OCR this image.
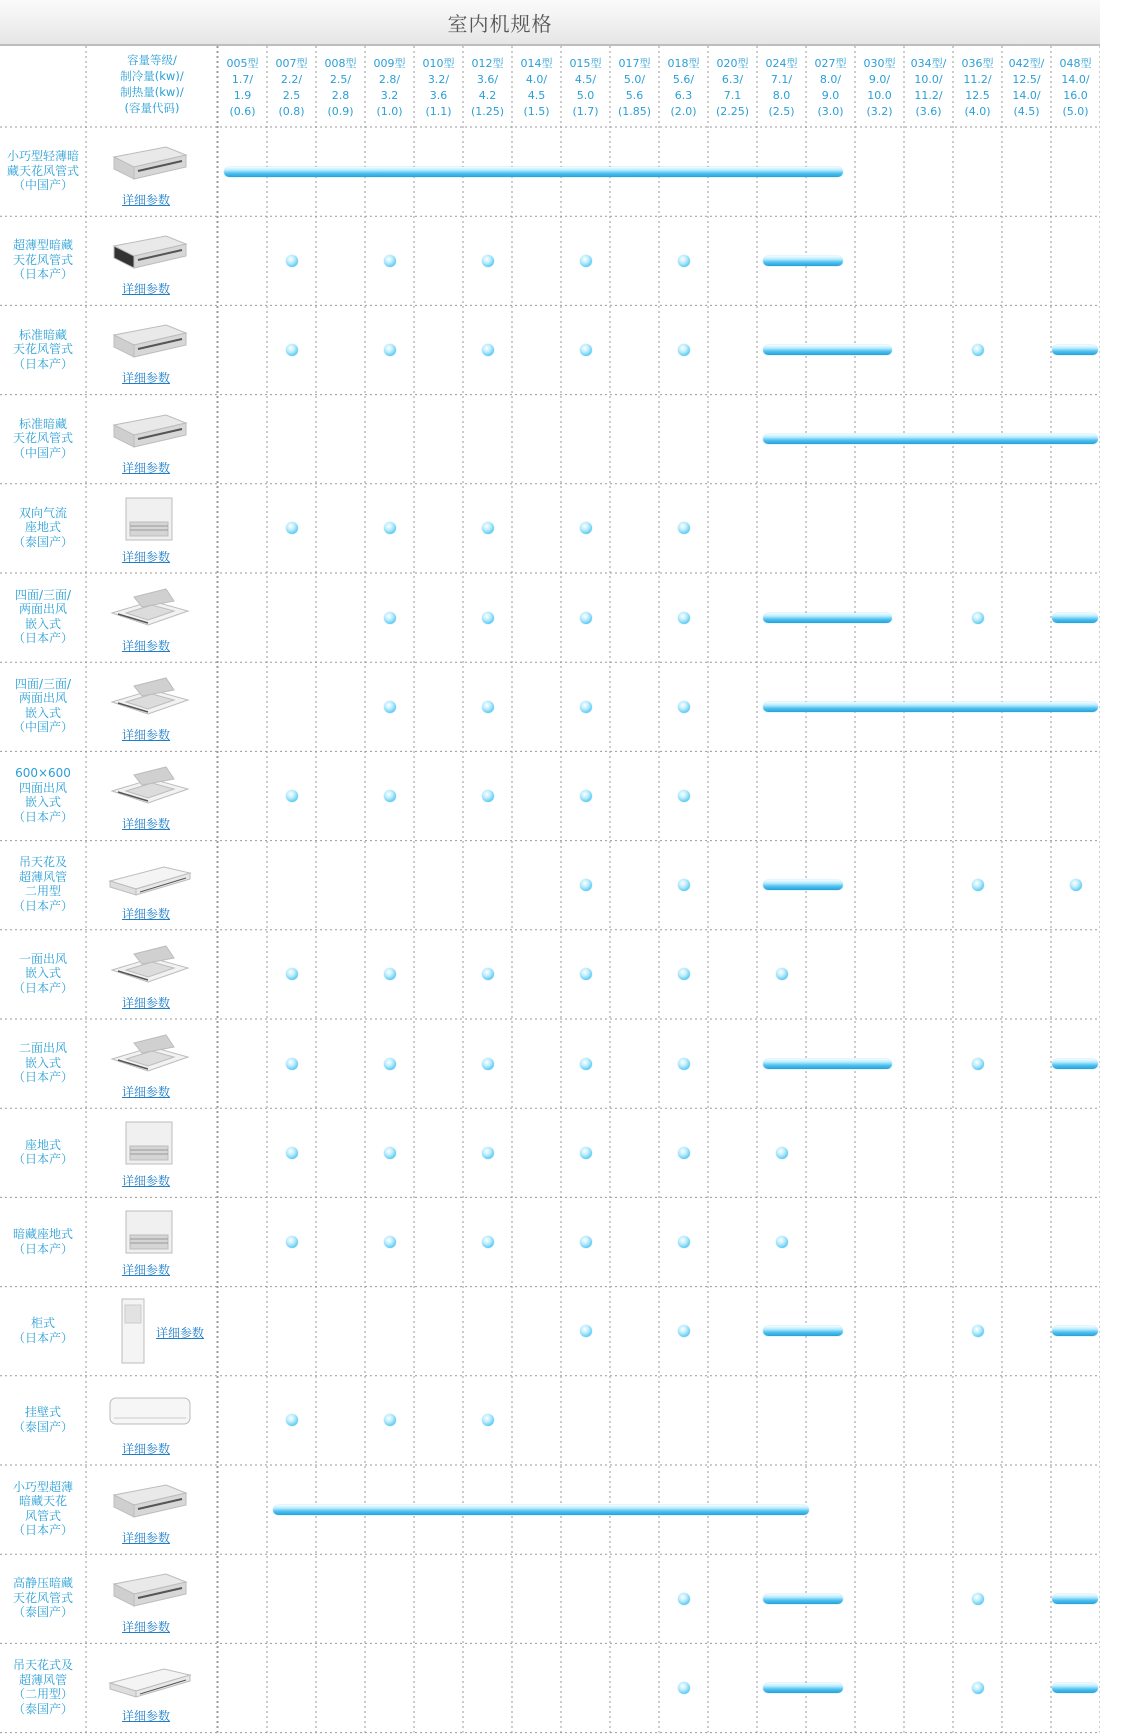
室内机规格
容量等级/
制冷量(kw)/
制热量(kw)/
(容量代码)
005型
1.7/
1.9
(0.6)
007型
2.2/
2.5
(0.8)
008型
2.5/
2.8
(0.9)
009型
2.8/
3.2
(1.0)
010型
3.2/
3.6
(1.1)
012型
3.6/
4.2
(1.25)
014型
4.0/
4.5
(1.5)
015型
4.5/
5.0
(1.7)
017型
5.0/
5.6
(1.85)
018型
5.6/
6.3
(2.0)
020型
6.3/
7.1
(2.25)
024型
7.1/
8.0
(2.5)
027型
8.0/
9.0
(3.0)
030型
9.0/
10.0
(3.2)
034型/
10.0/
11.2/
(3.6)
036型
11.2/
12.5
(4.0)
042型/
12.5/
14.0/
(4.5)
048型
14.0/
16.0
(5.0)
小巧型轻薄暗
藏天花风管式
（中国产）
详细参数
超薄型暗藏
天花风管式
（日本产）
详细参数
标准暗藏
天花风管式
（日本产）
详细参数
标准暗藏
天花风管式
（中国产）
详细参数
双向气流
座地式
（泰国产）
详细参数
四面/三面/
两面出风
嵌入式
（日本产）
详细参数
四面/三面/
两面出风
嵌入式
（中国产）
详细参数
600×600
四面出风
嵌入式
（日本产）
详细参数
吊天花及
超薄风管
二用型
（日本产）
详细参数
一面出风
嵌入式
（日本产）
详细参数
二面出风
嵌入式
（日本产）
详细参数
座地式
（日本产）
详细参数
暗藏座地式
（日本产）
详细参数
柜式
（日本产）	详细参数
挂壁式
（泰国产）
详细参数
小巧型超薄
暗藏天花
风管式
（日本产）
详细参数
高静压暗藏
天花风管式
（泰国产）
详细参数
吊天花式及
超薄风管
（二用型）
（泰国产）
详细参数
